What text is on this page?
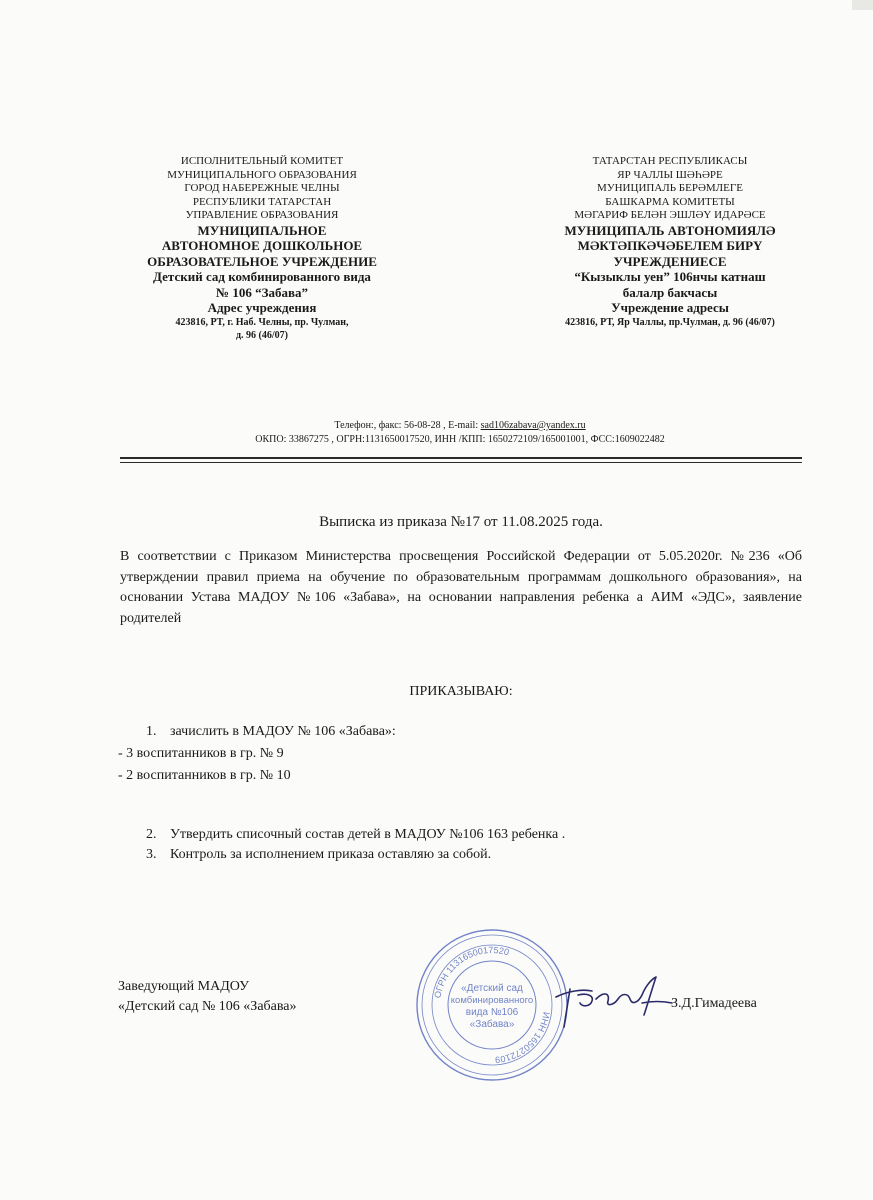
ИСПОЛНИТЕЛЬНЫЙ КОМИТЕТ
МУНИЦИПАЛЬНОГО ОБРАЗОВАНИЯ
ГОРОД НАБЕРЕЖНЫЕ ЧЕЛНЫ
РЕСПУБЛИКИ ТАТАРСТАН
УПРАВЛЕНИЕ ОБРАЗОВАНИЯ
МУНИЦИПАЛЬНОЕ
АВТОНОМНОЕ ДОШКОЛЬНОЕ
ОБРАЗОВАТЕЛЬНОЕ УЧРЕЖДЕНИЕ
Детский сад комбинированного вида
№ 106 “Забава”
Адрес учреждения
423816, РТ, г. Наб. Челны, пр. Чулман,
д. 96 (46/07)
ТАТАРСТАН РЕСПУБЛИКАСЫ
ЯР ЧАЛЛЫ ШӘҺӘРЕ
МУНИЦИПАЛЬ БЕРӘМЛЕГЕ
БАШКАРМА КОМИТЕТЫ
МӘГАРИФ БЕЛӘН ЭШЛӘҮ ИДАРӘСЕ
МУНИЦИПАЛЬ АВТОНОМИЯЛӘ
МӘКТӘПКӘЧӘБЕЛЕМ БИРҮ
УЧРЕЖДЕНИЕСЕ
“Кызыклы уен” 106нчы катнаш
балалр бакчасы
Учреждение адресы
423816, РТ, Яр Чаллы, пр.Чулман, д. 96 (46/07)
Телефон:, факс: 56-08-28 , E-mail: sad106zabava@yandex.ru
ОКПО: 33867275 , ОГРН:1131650017520, ИНН /КПП: 1650272109/165001001, ФСС:1609022482
Выписка из приказа №17 от 11.08.2025 года.
В соответствии с Приказом Министерства просвещения Российской Федерации от 5.05.2020г. №236 «Об утверждении правил приема на обучение по образовательным программам дошкольного образования», на основании Устава МАДОУ №106 «Забава», на основании направления ребенка а АИМ «ЭДС», заявление родителей
ПРИКАЗЫВАЮ:
1. зачислить в МАДОУ № 106 «Забава»:
- 3 воспитанников в гр. № 9
- 2 воспитанников в гр. № 10
2. Утвердить списочный состав детей в МАДОУ №106 163 ребенка .
3. Контроль за исполнением приказа оставляю за собой.
Заведующий МАДОУ
«Детский сад № 106 «Забава»
ОГРН 1131650017520
ИНН 1650272109
«Детский сад
комбинированного
вида №106
«Забава»
З.Д.Гимадеева
